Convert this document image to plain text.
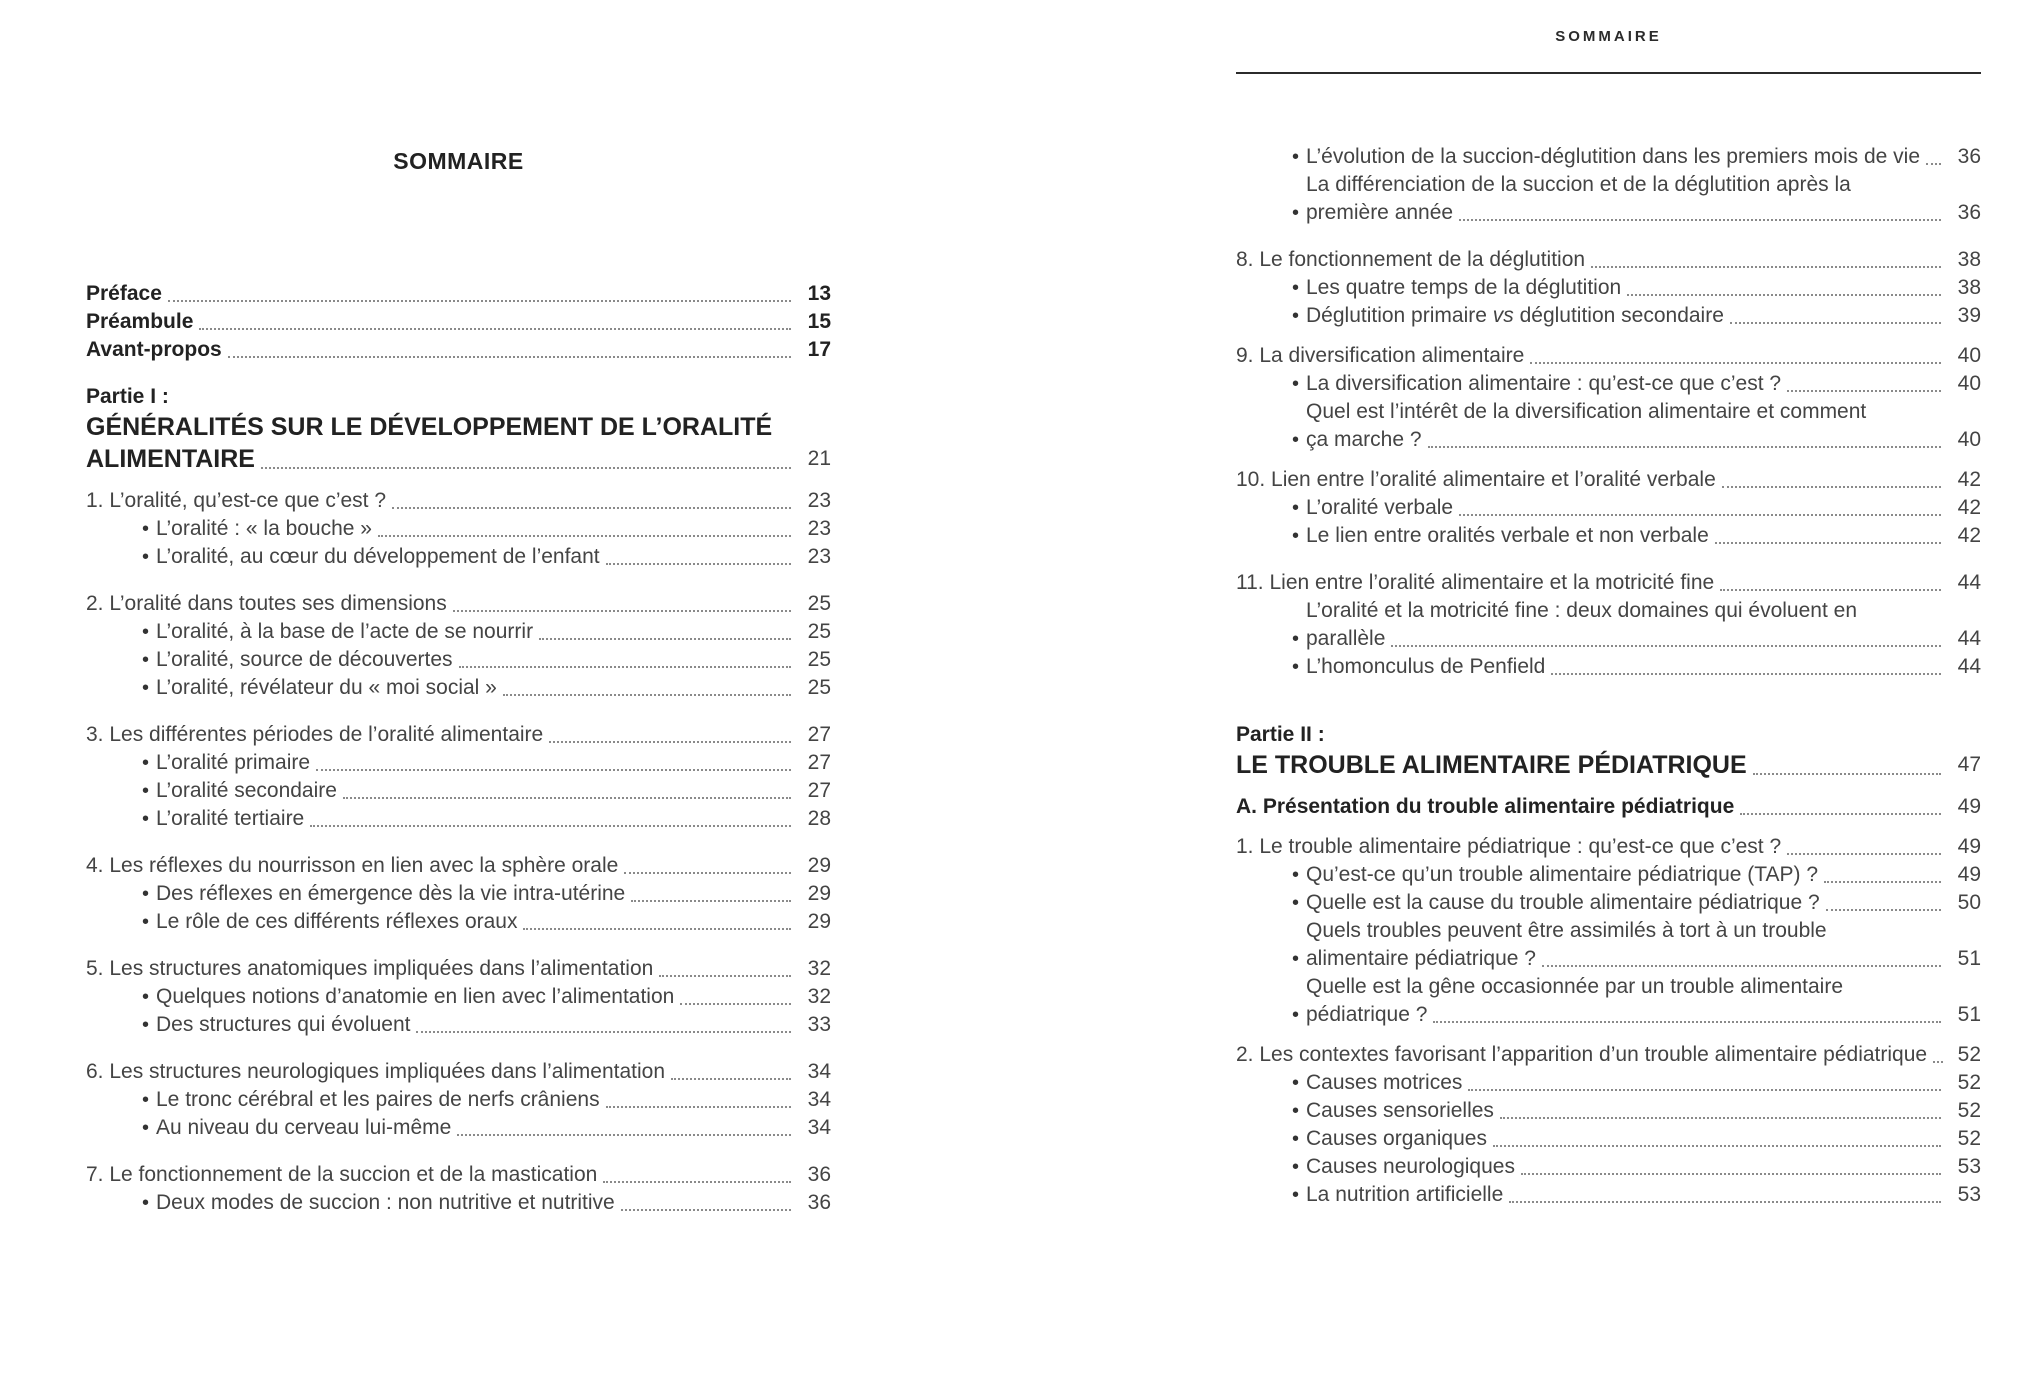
SOMMAIRE
Préface	13
Préambule	15
Avant-propos	17
Partie I :
GÉNÉRALITÉS SUR LE DÉVELOPPEMENT DE L’ORALITÉ
ALIMENTAIRE	21
1. L’oralité, qu’est-ce que c’est ?	23
• L’oralité : « la bouche »	23
• L’oralité, au cœur du développement de l’enfant	23
2. L’oralité dans toutes ses dimensions	25
• L’oralité, à la base de l’acte de se nourrir	25
• L’oralité, source de découvertes	25
• L’oralité, révélateur du « moi social »	25
3. Les différentes périodes de l’oralité alimentaire	27
• L’oralité primaire	27
• L’oralité secondaire	27
• L’oralité tertiaire	28
4. Les réflexes du nourrisson en lien avec la sphère orale	29
• Des réflexes en émergence dès la vie intra-utérine	29
• Le rôle de ces différents réflexes oraux	29
5. Les structures anatomiques impliquées dans l’alimentation	32
• Quelques notions d’anatomie en lien avec l’alimentation	32
• Des structures qui évoluent	33
6. Les structures neurologiques impliquées dans l’alimentation	34
• Le tronc cérébral et les paires de nerfs crâniens	34
• Au niveau du cerveau lui-même	34
7. Le fonctionnement de la succion et de la mastication	36
• Deux modes de succion : non nutritive et nutritive	36
SOMMAIRE
• L’évolution de la succion-déglutition dans les premiers mois de vie	36
• La différenciation de la succion et de la déglutition après la
première année	36
8. Le fonctionnement de la déglutition	38
• Les quatre temps de la déglutition	38
• Déglutition primaire vs déglutition secondaire	39
9. La diversification alimentaire	40
• La diversification alimentaire : qu’est-ce que c’est ?	40
• Quel est l’intérêt de la diversification alimentaire et comment
ça marche ?	40
10. Lien entre l’oralité alimentaire et l’oralité verbale	42
• L’oralité verbale	42
• Le lien entre oralités verbale et non verbale	42
11. Lien entre l’oralité alimentaire et la motricité fine	44
• L’oralité et la motricité fine : deux domaines qui évoluent en
parallèle	44
• L’homonculus de Penfield	44
Partie II :
LE TROUBLE ALIMENTAIRE PÉDIATRIQUE	47
A. Présentation du trouble alimentaire pédiatrique	49
1. Le trouble alimentaire pédiatrique : qu’est-ce que c’est ?	49
• Qu’est-ce qu’un trouble alimentaire pédiatrique (TAP) ?	49
• Quelle est la cause du trouble alimentaire pédiatrique ?	50
• Quels troubles peuvent être assimilés à tort à un trouble
alimentaire pédiatrique ?	51
• Quelle est la gêne occasionnée par un trouble alimentaire
pédiatrique ?	51
2. Les contextes favorisant l’apparition d’un trouble alimentaire pédiatrique	52
• Causes motrices	52
• Causes sensorielles	52
• Causes organiques	52
• Causes neurologiques	53
• La nutrition artificielle	53
